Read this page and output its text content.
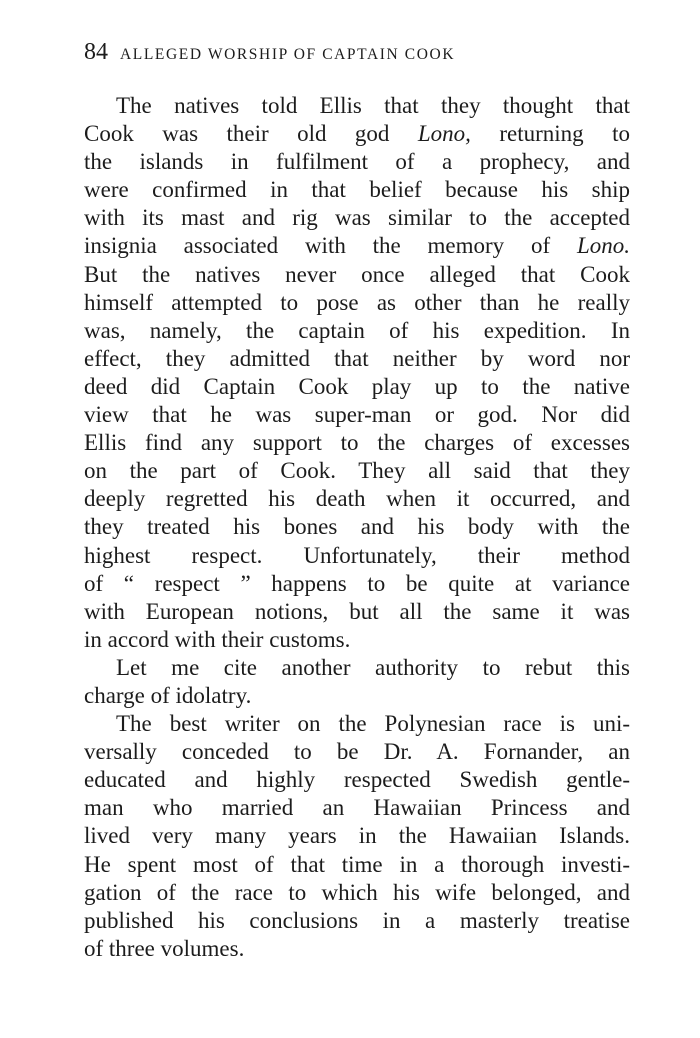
84 ALLEGED WORSHIP OF CAPTAIN COOK
The natives told Ellis that they thought that
Cook was their old god Lono, returning to
the islands in fulfilment of a prophecy, and
were confirmed in that belief because his ship
with its mast and rig was similar to the accepted
insignia associated with the memory of Lono.
But the natives never once alleged that Cook
himself attempted to pose as other than he really
was, namely, the captain of his expedition. In
effect, they admitted that neither by word nor
deed did Captain Cook play up to the native
view that he was super-man or god. Nor did
Ellis find any support to the charges of excesses
on the part of Cook. They all said that they
deeply regretted his death when it occurred, and
they treated his bones and his body with the
highest respect. Unfortunately, their method
of “ respect ” happens to be quite at variance
with European notions, but all the same it was
in accord with their customs.
Let me cite another authority to rebut this
charge of idolatry.
The best writer on the Polynesian race is uni-
versally conceded to be Dr. A. Fornander, an
educated and highly respected Swedish gentle-
man who married an Hawaiian Princess and
lived very many years in the Hawaiian Islands.
He spent most of that time in a thorough investi-
gation of the race to which his wife belonged, and
published his conclusions in a masterly treatise
of three volumes.
